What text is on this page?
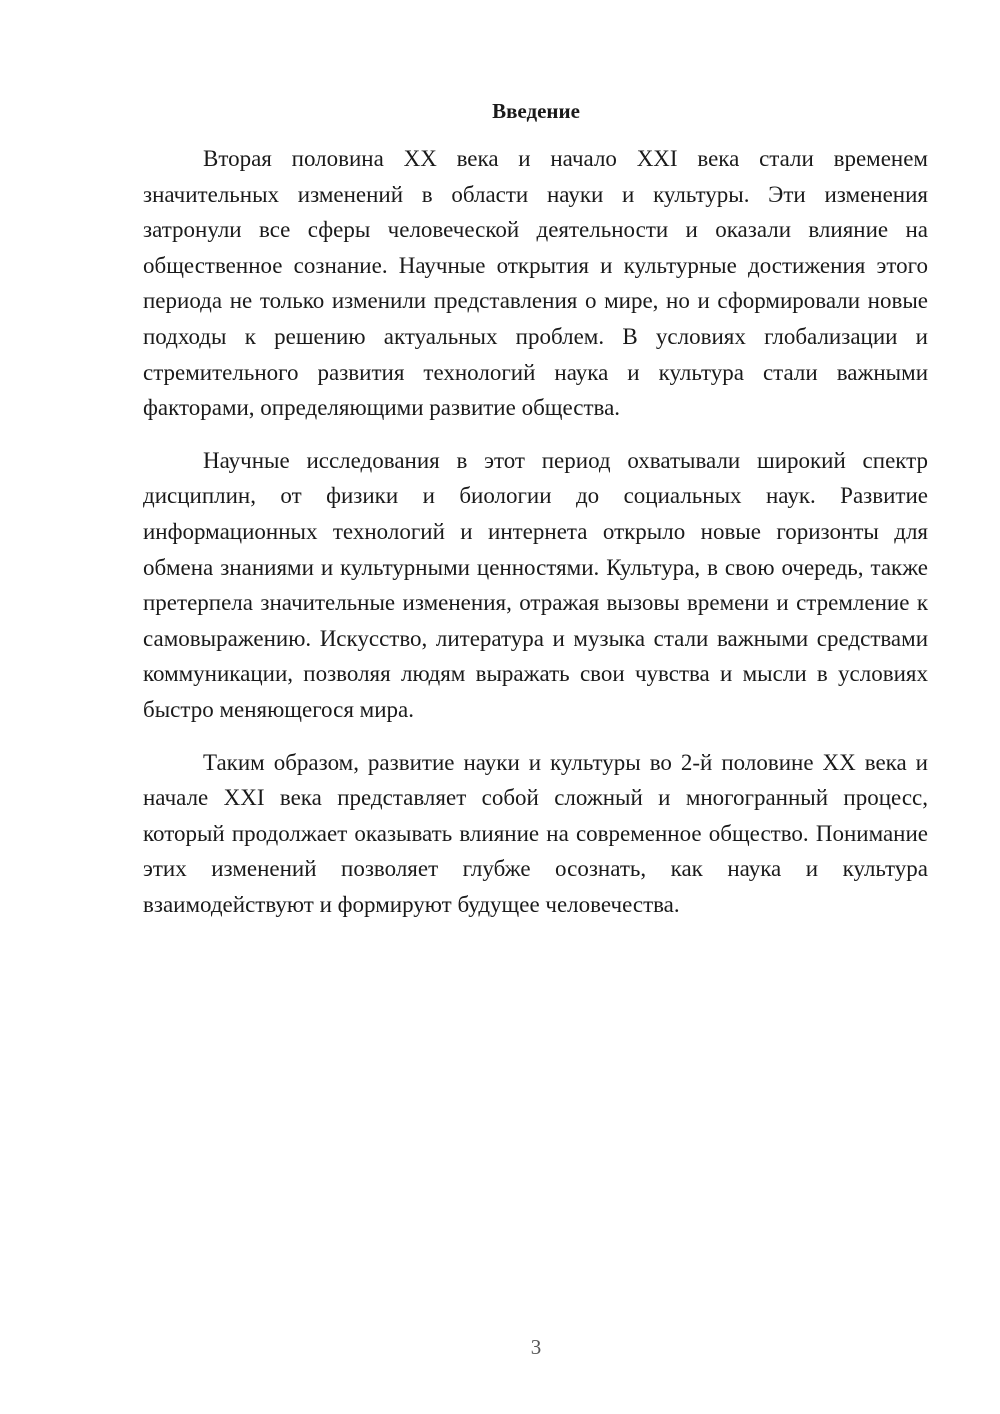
Введение

Вторая половина XX века и начало XXI века стали временем значительных изменений в области науки и культуры. Эти изменения затронули все сферы человеческой деятельности и оказали влияние на общественное сознание. Научные открытия и культурные достижения этого периода не только изменили представления о мире, но и сформировали новые подходы к решению актуальных проблем. В условиях глобализации и стремительного развития технологий наука и культура стали важными факторами, определяющими развитие общества.

Научные исследования в этот период охватывали широкий спектр дисциплин, от физики и биологии до социальных наук. Развитие информационных технологий и интернета открыло новые горизонты для обмена знаниями и культурными ценностями. Культура, в свою очередь, также претерпела значительные изменения, отражая вызовы времени и стремление к самовыражению. Искусство, литература и музыка стали важными средствами коммуникации, позволяя людям выражать свои чувства и мысли в условиях быстро меняющегося мира.

Таким образом, развитие науки и культуры во 2-й половине XX века и начале XXI века представляет собой сложный и многогранный процесс, который продолжает оказывать влияние на современное общество. Понимание этих изменений позволяет глубже осознать, как наука и культура взаимодействуют и формируют будущее человечества.

3
